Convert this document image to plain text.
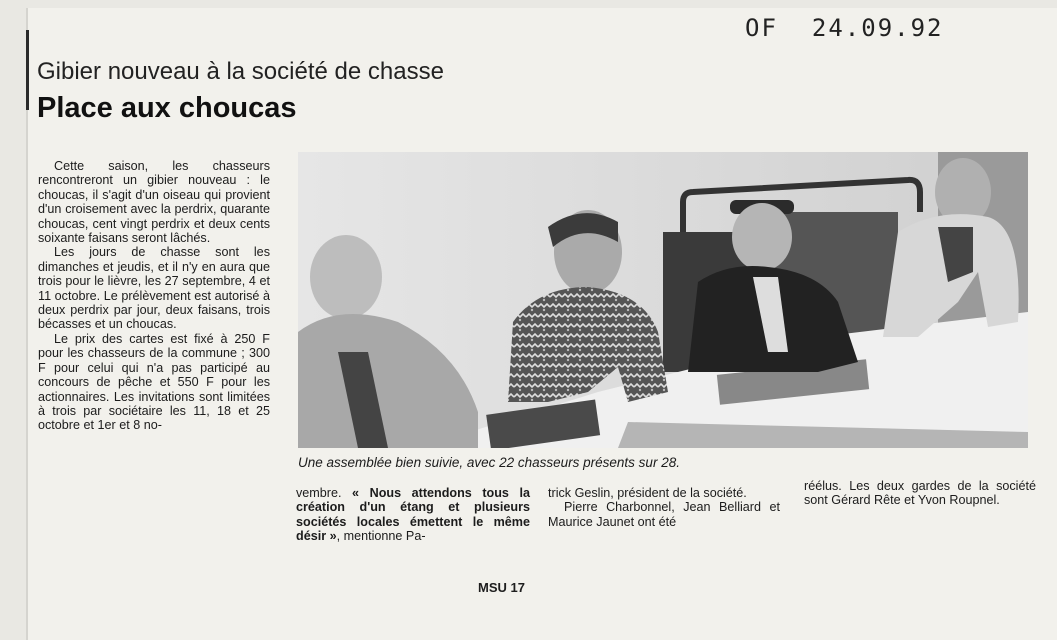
OF 24.09.92
Gibier nouveau à la société de chasse
Place aux choucas

Cette saison, les chasseurs rencontreront un gibier nouveau : le choucas, il s'agit d'un oiseau qui provient d'un croisement avec la perdrix, quarante choucas, cent vingt perdrix et deux cents soixante faisans seront lâchés.

Les jours de chasse sont les dimanches et jeudis, et il n'y en aura que trois pour le lièvre, les 27 septembre, 4 et 11 octobre. Le prélèvement est autorisé à deux perdrix par jour, deux faisans, trois bécasses et un choucas.

Le prix des cartes est fixé à 250 F pour les chasseurs de la commune ; 300 F pour celui qui n'a pas participé au concours de pêche et 550 F pour les actionnaires. Les invitations sont limitées à trois par sociétaire les 11, 18 et 25 octobre et 1er et 8 no-

Une assemblée bien suivie, avec 22 chasseurs présents sur 28.

vembre. « Nous attendons tous la création d'un étang et plusieurs sociétés locales émettent le même désir », mentionne Pa-

trick Geslin, président de la société.

Pierre Charbonnel, Jean Belliard et Maurice Jaunet ont été

réélus. Les deux gardes de la société sont Gérard Rête et Yvon Roupnel.

MSU 17
